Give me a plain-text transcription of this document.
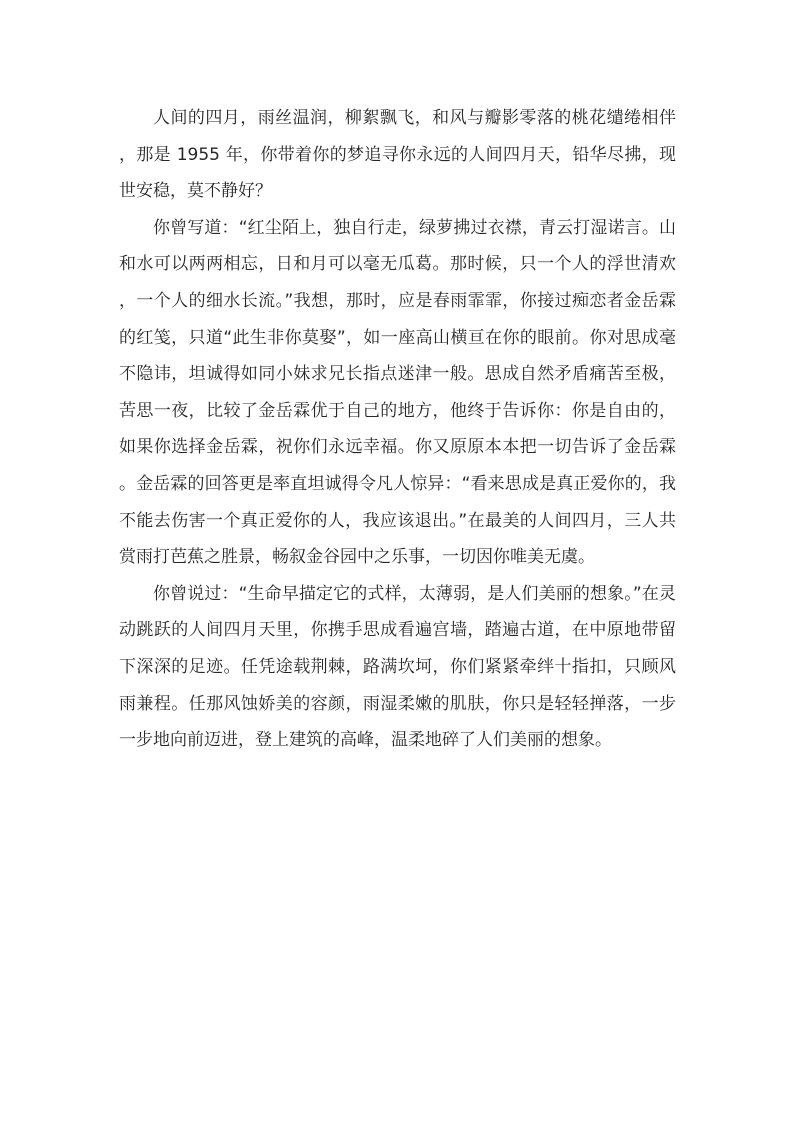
人间的四月，雨丝温润，柳絮飘飞，和风与瓣影零落的桃花缱绻相伴，那是 1955 年，你带着你的梦追寻你永远的人间四月天，铅华尽拂，现世安稳，莫不静好？

你曾写道：“红尘陌上，独自行走，绿萝拂过衣襟，青云打湿诺言。山和水可以两两相忘，日和月可以毫无瓜葛。那时候，只一个人的浮世清欢，一个人的细水长流。”我想，那时，应是春雨霏霏，你接过痴恋者金岳霖的红笺，只道“此生非你莫娶”，如一座高山横亘在你的眼前。你对思成毫不隐讳，坦诚得如同小妹求兄长指点迷津一般。思成自然矛盾痛苦至极，苦思一夜，比较了金岳霖优于自己的地方，他终于告诉你：你是自由的，如果你选择金岳霖，祝你们永远幸福。你又原原本本把一切告诉了金岳霖。金岳霖的回答更是率直坦诚得令凡人惊异：“看来思成是真正爱你的，我不能去伤害一个真正爱你的人，我应该退出。”在最美的人间四月，三人共赏雨打芭蕉之胜景，畅叙金谷园中之乐事，一切因你唯美无虞。

你曾说过：“生命早描定它的式样，太薄弱，是人们美丽的想象。”在灵动跳跃的人间四月天里，你携手思成看遍宫墙，踏遍古道，在中原地带留下深深的足迹。任凭途载荆棘，路满坎坷，你们紧紧牵绊十指扣，只顾风雨兼程。任那风蚀娇美的容颜，雨湿柔嫩的肌肤，你只是轻轻掸落，一步一步地向前迈进，登上建筑的高峰，温柔地碎了人们美丽的想象。
